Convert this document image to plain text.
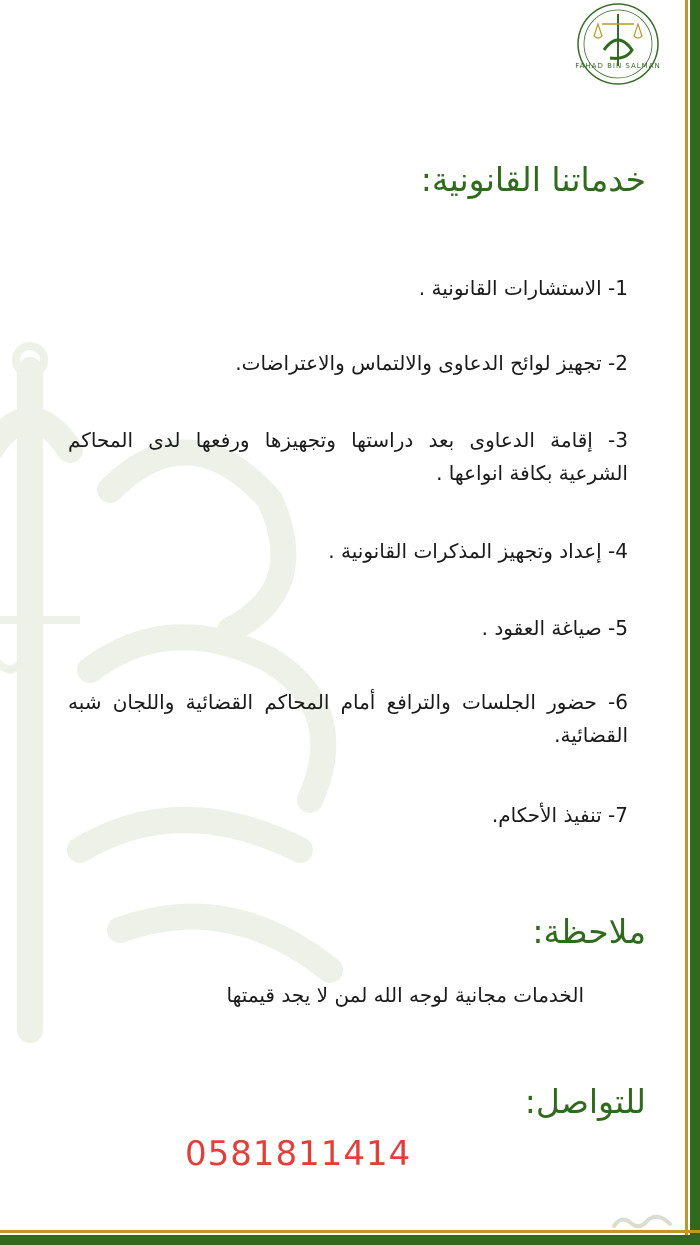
FAHAD BIN SALMAN
خدماتنا القانونية:
1- الاستشارات القانونية .
2- تجهيز لوائح الدعاوى والالتماس والاعتراضات.
3- إقامة الدعاوى بعد دراستها وتجهيزها ورفعها لدى المحاكم الشرعية بكافة انواعها .
4- إعداد وتجهيز المذكرات القانونية .
5- صياغة العقود .
6- حضور الجلسات والترافع أمام المحاكم القضائية واللجان شبه القضائية.
7- تنفيذ الأحكام.
ملاحظة:

الخدمات مجانية لوجه الله لمن لا يجد قيمتها

للتواصل:
0581811414
